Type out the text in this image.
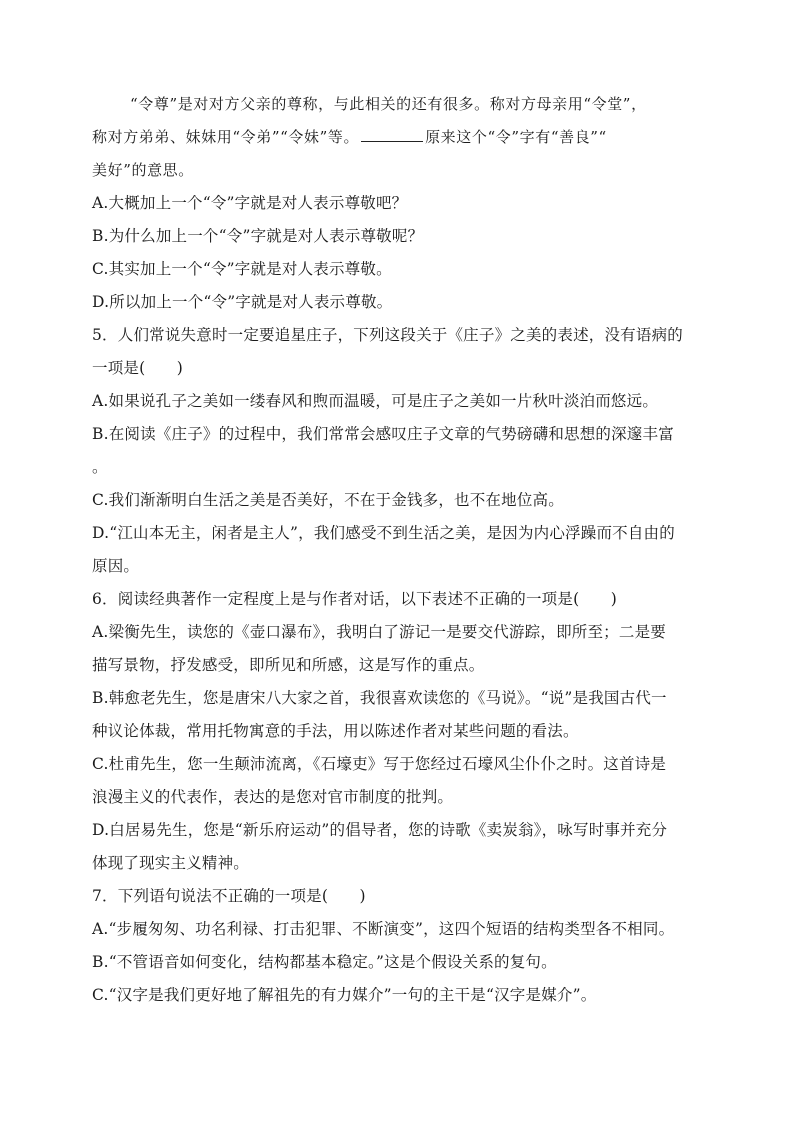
“令尊”是对对方父亲的尊称，与此相关的还有很多。称对方母亲用“令堂”，
称对方弟弟、妹妹用“令弟”“令妹”等。	原来这个“令”字有“善良”“
美好”的意思。
A.大概加上一个“令”字就是对人表示尊敬吧？
B.为什么加上一个“令”字就是对人表示尊敬呢？
C.其实加上一个“令”字就是对人表示尊敬。
D.所以加上一个“令”字就是对人表示尊敬。
5．人们常说失意时一定要追星庄子，下列这段关于《庄子》之美的表述，没有语病的
一项是(　　)
A.如果说孔子之美如一缕春风和煦而温暖，可是庄子之美如一片秋叶淡泊而悠远。
B.在阅读《庄子》的过程中，我们常常会感叹庄子文章的气势磅礴和思想的深邃丰富
。
C.我们渐渐明白生活之美是否美好，不在于金钱多，也不在地位高。
D.“江山本无主，闲者是主人”，我们感受不到生活之美，是因为内心浮躁而不自由的
原因。
6．阅读经典著作一定程度上是与作者对话，以下表述不正确的一项是(　　)
A.梁衡先生，读您的《壶口瀑布》，我明白了游记一是要交代游踪，即所至；二是要
描写景物，抒发感受，即所见和所感，这是写作的重点。
B.韩愈老先生，您是唐宋八大家之首，我很喜欢读您的《马说》。“说”是我国古代一
种议论体裁，常用托物寓意的手法，用以陈述作者对某些问题的看法。
C.杜甫先生，您一生颠沛流离，《石壕吏》写于您经过石壕风尘仆仆之时。这首诗是
浪漫主义的代表作，表达的是您对官市制度的批判。
D.白居易先生，您是“新乐府运动”的倡导者，您的诗歌《卖炭翁》，咏写时事并充分
体现了现实主义精神。
7．下列语句说法不正确的一项是(　　)
A.“步履匆匆、功名利禄、打击犯罪、不断演变”，这四个短语的结构类型各不相同。
B.“不管语音如何变化，结构都基本稳定。”这是个假设关系的复句。
C.“汉字是我们更好地了解祖先的有力媒介”一句的主干是“汉字是媒介”。
